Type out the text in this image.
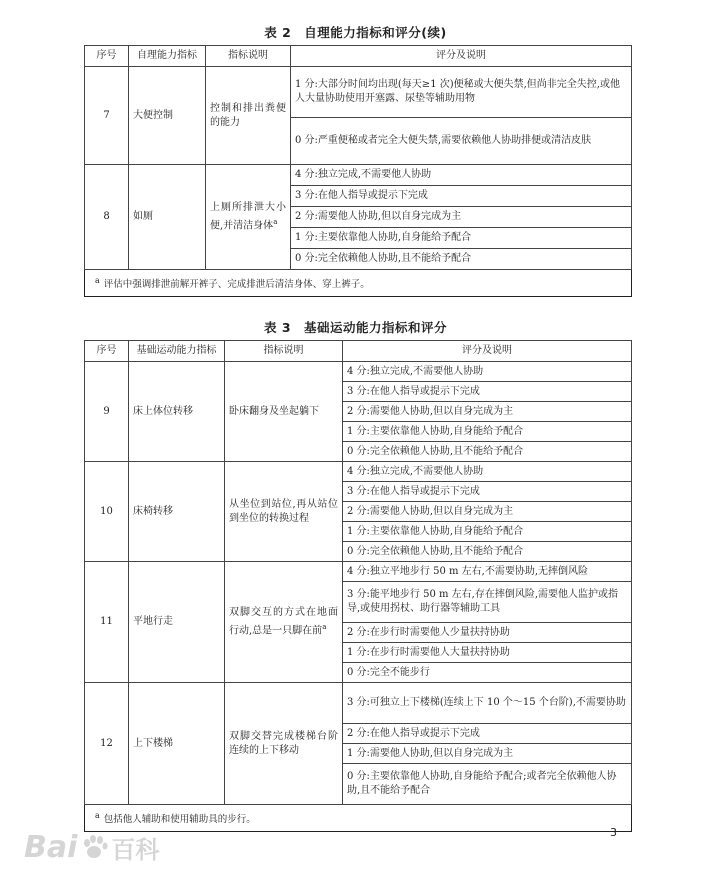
表 2　自理能力指标和评分(续)
序号	自理能力指标	指标说明	评分及说明
7	大便控制	控制和排出粪便的能力	1 分:大部分时间均出现(每天≥1 次)便秘或大便失禁,但尚非完全失控,或他人大量协助使用开塞露、尿垫等辅助用物
			0 分:严重便秘或者完全大便失禁,需要依赖他人协助排便或清洁皮肤
8	如厕	上厕所排泄大小便,并清洁身体$^a$	4 分:独立完成,不需要他人协助
			3 分:在他人指导或提示下完成
			2 分:需要他人协助,但以自身完成为主
			1 分:主要依靠他人协助,自身能给予配合
			0 分:完全依赖他人协助,且不能给予配合
$^a$ 评估中强调排泄前解开裤子、完成排泄后清洁身体、穿上裤子。			
表 3　基础运动能力指标和评分
序号	基础运动能力指标	指标说明	评分及说明
9	床上体位转移	卧床翻身及坐起躺下	4 分:独立完成,不需要他人协助
			3 分:在他人指导或提示下完成
			2 分:需要他人协助,但以自身完成为主
			1 分:主要依靠他人协助,自身能给予配合
			0 分:完全依赖他人协助,且不能给予配合
10	床椅转移	从坐位到站位,再从站位到坐位的转换过程	4 分:独立完成,不需要他人协助
			3 分:在他人指导或提示下完成
			2 分:需要他人协助,但以自身完成为主
			1 分:主要依靠他人协助,自身能给予配合
			0 分:完全依赖他人协助,且不能给予配合
11	平地行走	双脚交互的方式在地面行动,总是一只脚在前$^a$	4 分:独立平地步行 50 m 左右,不需要协助,无摔倒风险
			3 分:能平地步行 50 m 左右,存在摔倒风险,需要他人监护或指导,或使用拐杖、助行器等辅助工具
			2 分:在步行时需要他人少量扶持协助
			1 分:在步行时需要他人大量扶持协助
			0 分:完全不能步行
12	上下楼梯	双脚交替完成楼梯台阶连续的上下移动	3 分:可独立上下楼梯(连续上下 10 个～15 个台阶),不需要协助
			2 分:在他人指导或提示下完成
			1 分:需要他人协助,但以自身完成为主
			0 分:主要依靠他人协助,自身能给予配合;或者完全依赖他人协助,且不能给予配合
$^a$ 包括他人辅助和使用辅助具的步行。			
Bai 百科
3
